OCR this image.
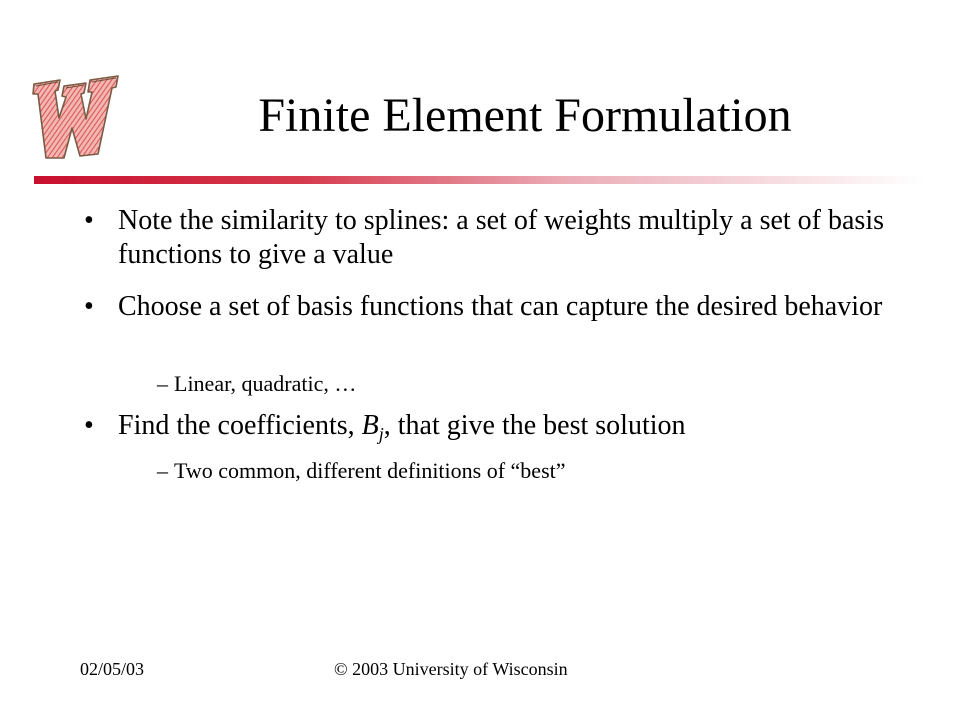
Finite Element Formulation
• Note the similarity to splines: a set of weights multiply a set of basis functions to give a value
• Choose a set of basis functions that can capture the desired behavior
– Linear, quadratic, …
• Find the coefficients, $B_j$, that give the best solution
– Two common, different definitions of “best”
02/05/03	© 2003 University of Wisconsin
